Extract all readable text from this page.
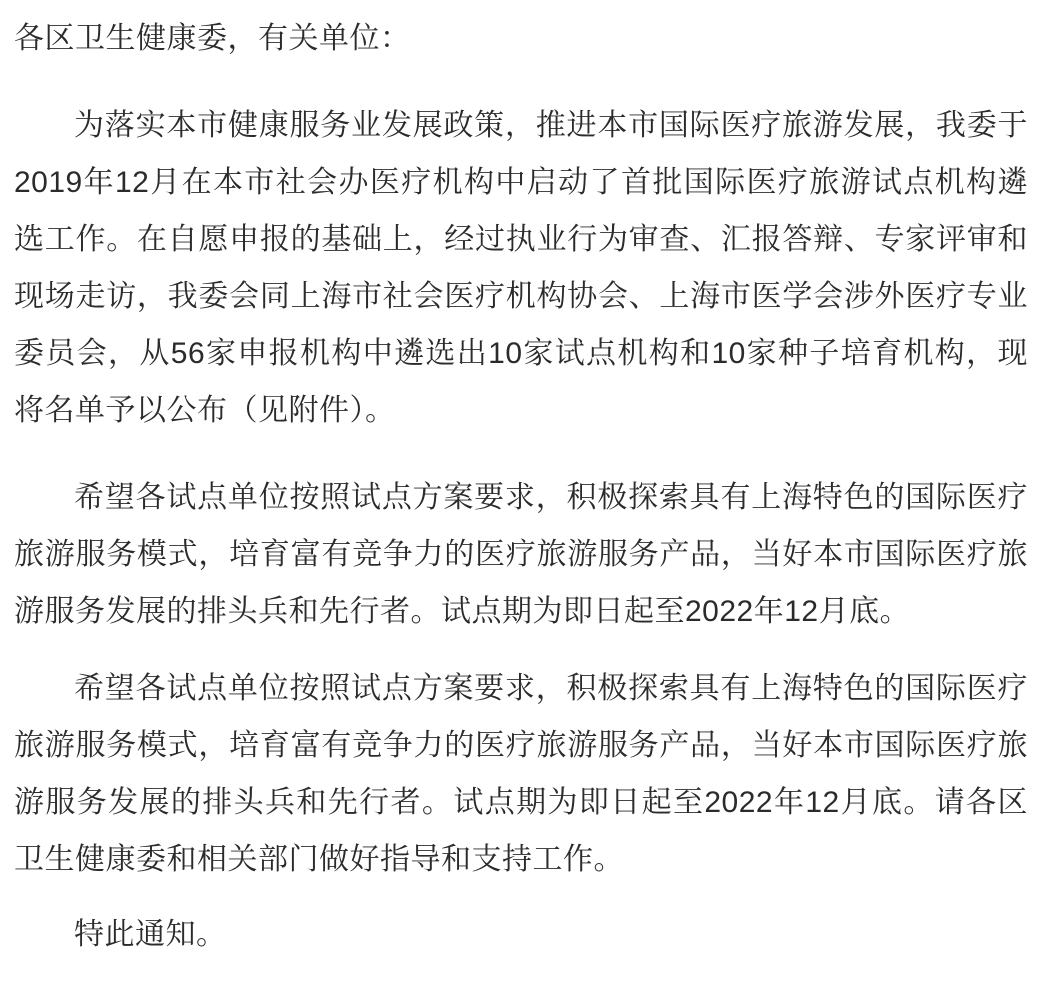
各区卫生健康委，有关单位：

为落实本市健康服务业发展政策，推进本市国际医疗旅游发展，我委于2019年12月在本市社会办医疗机构中启动了首批国际医疗旅游试点机构遴选工作。在自愿申报的基础上，经过执业行为审查、汇报答辩、专家评审和现场走访，我委会同上海市社会医疗机构协会、上海市医学会涉外医疗专业委员会，从56家申报机构中遴选出10家试点机构和10家种子培育机构，现将名单予以公布（见附件）。

希望各试点单位按照试点方案要求，积极探索具有上海特色的国际医疗旅游服务模式，培育富有竞争力的医疗旅游服务产品，当好本市国际医疗旅游服务发展的排头兵和先行者。试点期为即日起至2022年12月底。

希望各试点单位按照试点方案要求，积极探索具有上海特色的国际医疗旅游服务模式，培育富有竞争力的医疗旅游服务产品，当好本市国际医疗旅游服务发展的排头兵和先行者。试点期为即日起至2022年12月底。请各区卫生健康委和相关部门做好指导和支持工作。

特此通知。
